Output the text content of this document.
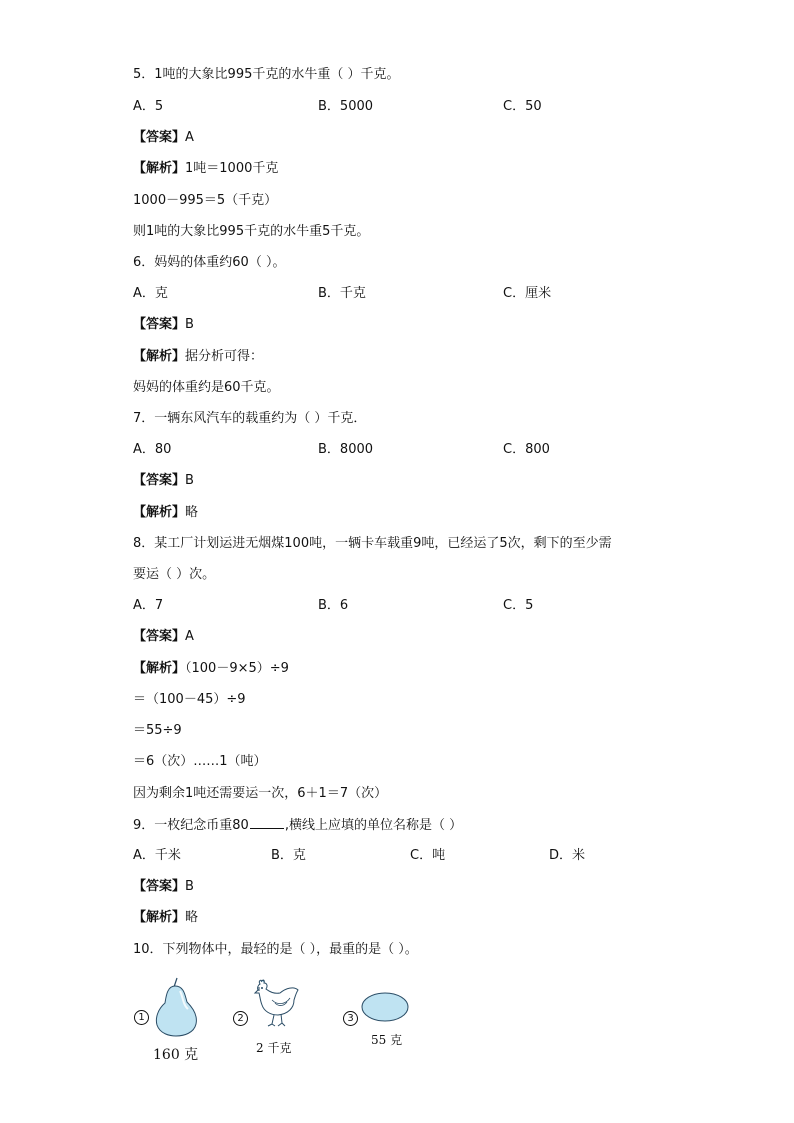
5．1吨的大象比995千克的水牛重（ ）千克。
A．5	B．5000	C．50
【答案】A
【解析】1吨＝1000千克
1000－995＝5（千克）
则1吨的大象比995千克的水牛重5千克。
6．妈妈的体重约60（ ）。
A．克	B．千克	C．厘米
【答案】B
【解析】据分析可得：
妈妈的体重约是60千克。
7．一辆东风汽车的载重约为（ ）千克．
A．80	B．8000	C．800
【答案】B
【解析】略
8．某工厂计划运进无烟煤100吨，一辆卡车载重9吨，已经运了5次，剩下的至少需
要运（ ）次。
A．7	B．6	C．5
【答案】A
【解析】（100－9×5）÷9
＝（100－45）÷9
＝55÷9
＝6（次）……1（吨）
因为剩余1吨还需要运一次，6＋1＝7（次）
9．一枚纪念币重80	,横线上应填的单位名称是（ ）
A．千米	B．克	C．吨	D．米
【答案】B
【解析】略
10．下列物体中，最轻的是（ ），最重的是（ ）。
1
160 克
2
2 千克
3
55 克
